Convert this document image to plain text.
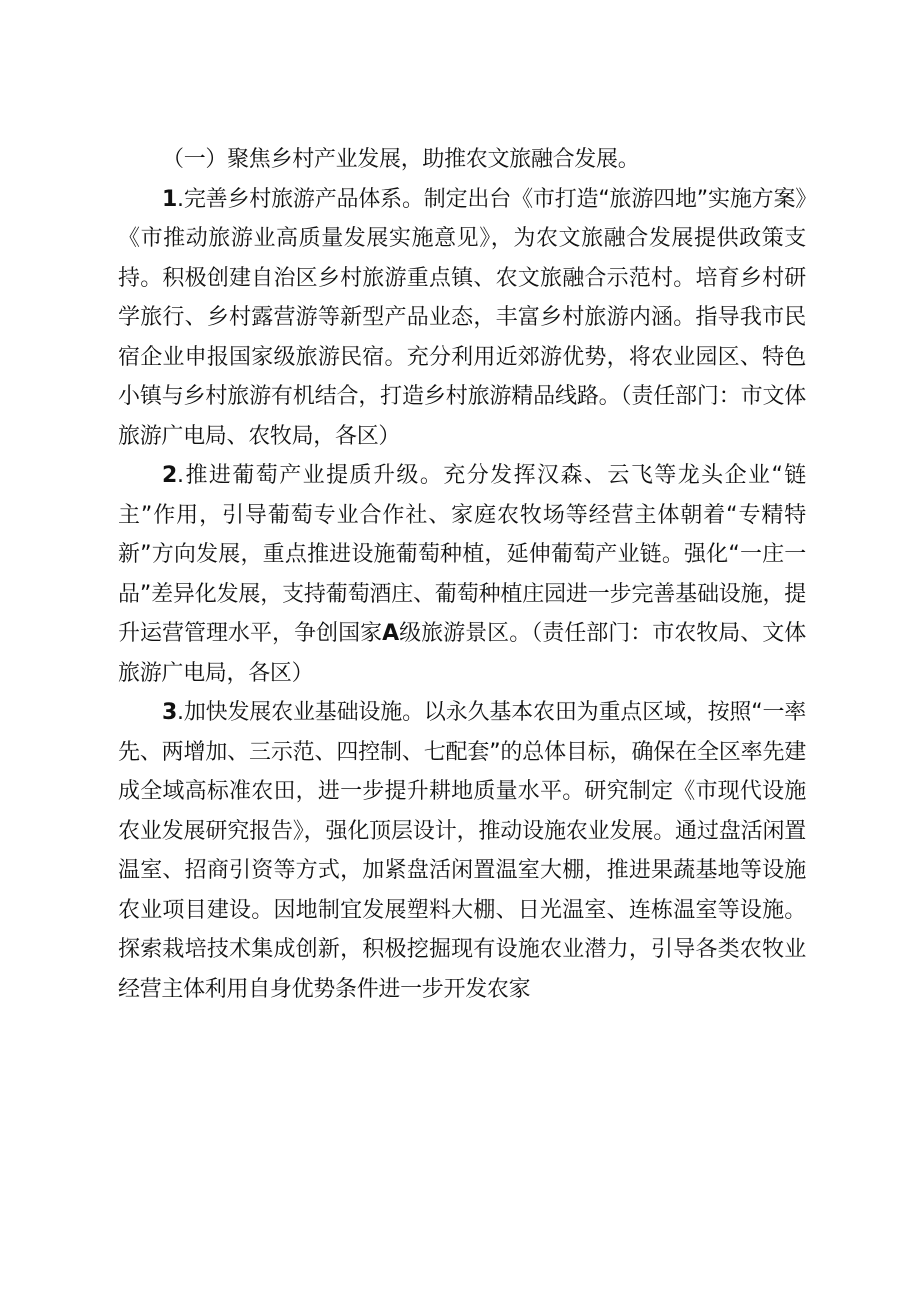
（一）聚焦乡村产业发展，助推农文旅融合发展。

1.完善乡村旅游产品体系。制定出台《市打造“旅游四地”实施方案》《市推动旅游业高质量发展实施意见》，为农文旅融合发展提供政策支持。积极创建自治区乡村旅游重点镇、农文旅融合示范村。培育乡村研学旅行、乡村露营游等新型产品业态，丰富乡村旅游内涵。指导我市民宿企业申报国家级旅游民宿。充分利用近郊游优势，将农业园区、特色小镇与乡村旅游有机结合，打造乡村旅游精品线路。（责任部门：市文体旅游广电局、农牧局，各区）

2.推进葡萄产业提质升级。充分发挥汉森、云飞等龙头企业“链主”作用，引导葡萄专业合作社、家庭农牧场等经营主体朝着“专精特新”方向发展，重点推进设施葡萄种植，延伸葡萄产业链。强化“一庄一品”差异化发展，支持葡萄酒庄、葡萄种植庄园进一步完善基础设施，提升运营管理水平，争创国家A级旅游景区。（责任部门：市农牧局、文体旅游广电局，各区）

3.加快发展农业基础设施。以永久基本农田为重点区域，按照“一率先、两增加、三示范、四控制、七配套”的总体目标，确保在全区率先建成全域高标准农田，进一步提升耕地质量水平。研究制定《市现代设施农业发展研究报告》，强化顶层设计，推动设施农业发展。通过盘活闲置温室、招商引资等方式，加紧盘活闲置温室大棚，推进果蔬基地等设施农业项目建设。因地制宜发展塑料大棚、日光温室、连栋温室等设施。探索栽培技术集成创新，积极挖掘现有设施农业潜力，引导各类农牧业经营主体利用自身优势条件进一步开发农家
